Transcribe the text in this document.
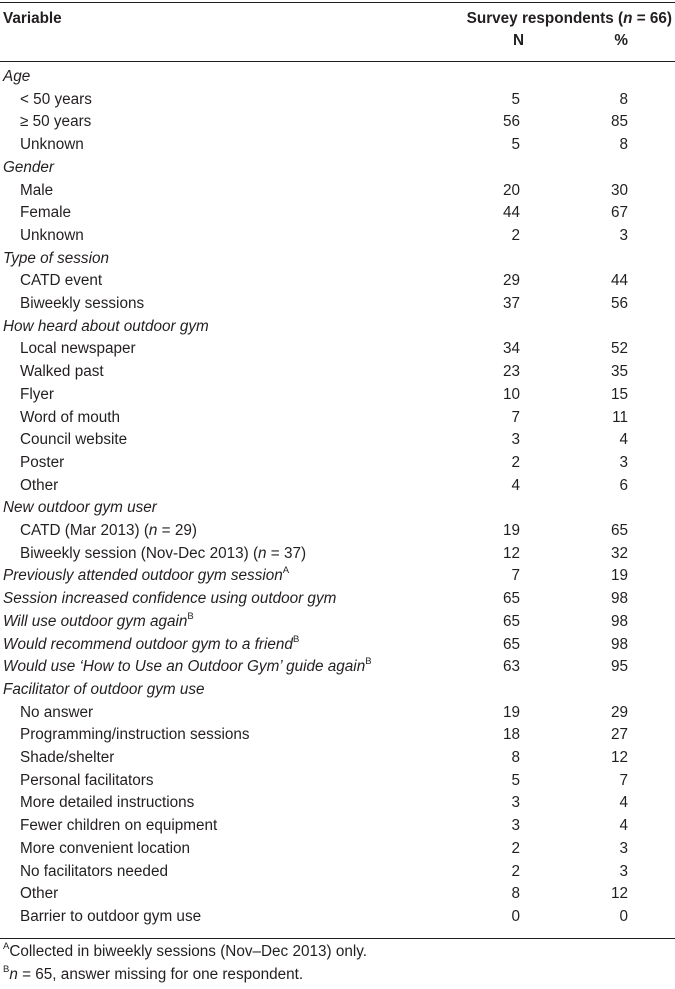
Variable	Survey respondents (n = 66)
N	%
Age
< 50 years	5	8
≥ 50 years	56	85
Unknown	5	8
Gender
Male	20	30
Female	44	67
Unknown	2	3
Type of session
CATD event	29	44
Biweekly sessions	37	56
How heard about outdoor gym
Local newspaper	34	52
Walked past	23	35
Flyer	10	15
Word of mouth	7	11
Council website	3	4
Poster	2	3
Other	4	6
New outdoor gym user
CATD (Mar 2013) (n = 29)	19	65
Biweekly session (Nov-Dec 2013) (n = 37)	12	32
Previously attended outdoor gym session$^A$	7	19
Session increased confidence using outdoor gym	65	98
Will use outdoor gym again$^B$	65	98
Would recommend outdoor gym to a friend$^B$	65	98
Would use ‘How to Use an Outdoor Gym’ guide again$^B$	63	95
Facilitator of outdoor gym use
No answer	19	29
Programming/instruction sessions	18	27
Shade/shelter	8	12
Personal facilitators	5	7
More detailed instructions	3	4
Fewer children on equipment	3	4
More convenient location	2	3
No facilitators needed	2	3
Other	8	12
Barrier to outdoor gym use	0	0
$^A$Collected in biweekly sessions (Nov–Dec 2013) only.
$^B$n = 65, answer missing for one respondent.
